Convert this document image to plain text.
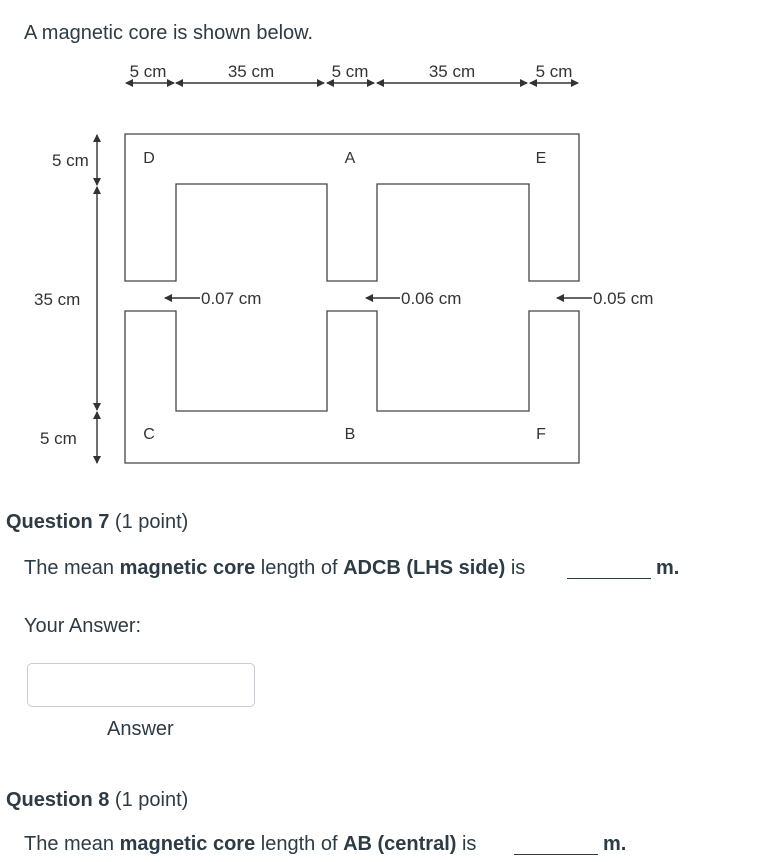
A magnetic core is shown below.
5 cm	35 cm	5 cm	35 cm	5 cm
5 cm
35 cm
5 cm
D	A	E
C	B	F
0.07 cm	0.06 cm	0.05 cm
Question 7 (1 point)
The mean magnetic core length of ADCB (LHS side) is	m.
Your Answer:
Answer
Question 8 (1 point)
The mean magnetic core length of AB (central) is	m.
